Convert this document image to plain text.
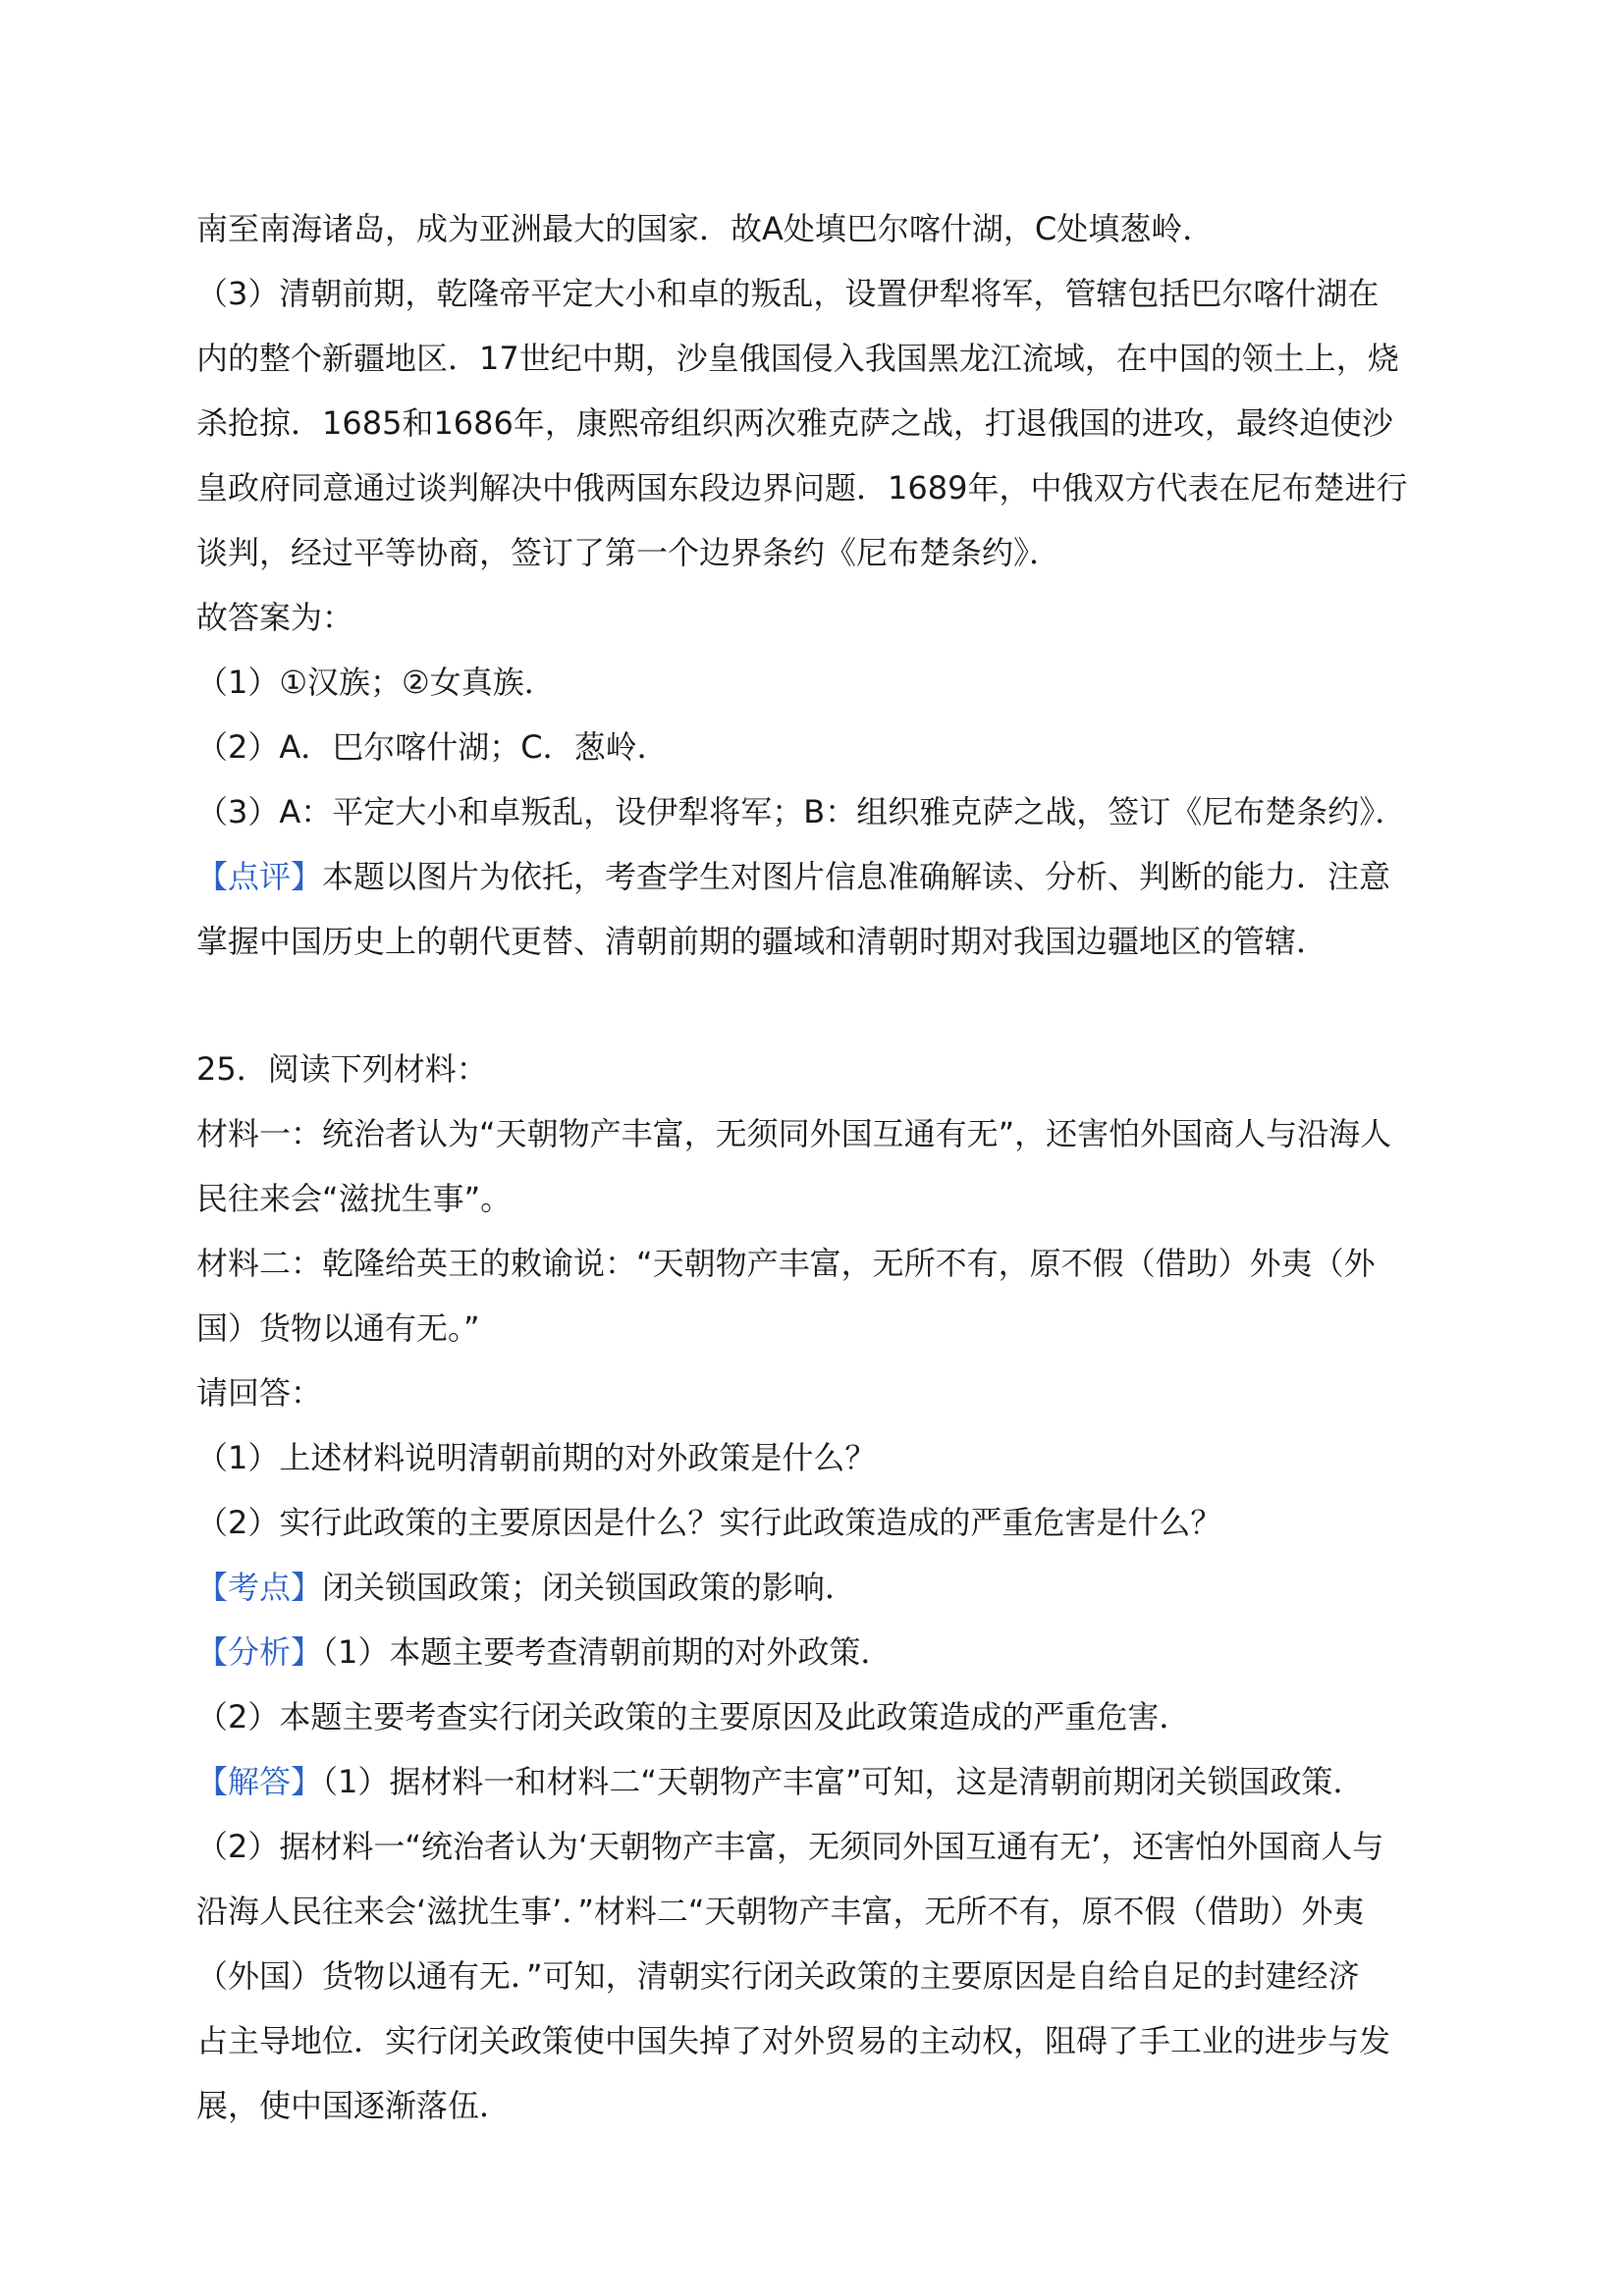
南至南海诸岛，成为亚洲最大的国家．故A处填巴尔喀什湖，C处填葱岭．
（3）清朝前期，乾隆帝平定大小和卓的叛乱，设置伊犁将军，管辖包括巴尔喀什湖在
内的整个新疆地区．17世纪中期，沙皇俄国侵入我国黑龙江流域，在中国的领土上，烧
杀抢掠．1685和1686年，康熙帝组织两次雅克萨之战，打退俄国的进攻，最终迫使沙
皇政府同意通过谈判解决中俄两国东段边界问题．1689年，中俄双方代表在尼布楚进行
谈判，经过平等协商，签订了第一个边界条约《尼布楚条约》．
故答案为：
（1）①汉族；②女真族．
（2）A．巴尔喀什湖；C．葱岭．
（3）A：平定大小和卓叛乱，设伊犁将军；B：组织雅克萨之战，签订《尼布楚条约》．
【点评】本题以图片为依托，考查学生对图片信息准确解读、分析、判断的能力．注意
掌握中国历史上的朝代更替、清朝前期的疆域和清朝时期对我国边疆地区的管辖．
25．阅读下列材料：
材料一：统治者认为“天朝物产丰富，无须同外国互通有无”，还害怕外国商人与沿海人
民往来会“滋扰生事”。
材料二：乾隆给英王的敕谕说：“天朝物产丰富，无所不有，原不假（借助）外夷（外
国）货物以通有无。”
请回答：
（1）上述材料说明清朝前期的对外政策是什么？
（2）实行此政策的主要原因是什么？实行此政策造成的严重危害是什么？
【考点】闭关锁国政策；闭关锁国政策的影响．
【分析】（1）本题主要考查清朝前期的对外政策．
（2）本题主要考查实行闭关政策的主要原因及此政策造成的严重危害．
【解答】（1）据材料一和材料二“天朝物产丰富”可知，这是清朝前期闭关锁国政策．
（2）据材料一“统治者认为‘天朝物产丰富，无须同外国互通有无’，还害怕外国商人与
沿海人民往来会‘滋扰生事’．”材料二“天朝物产丰富，无所不有，原不假（借助）外夷
（外国）货物以通有无．”可知，清朝实行闭关政策的主要原因是自给自足的封建经济
占主导地位．实行闭关政策使中国失掉了对外贸易的主动权，阻碍了手工业的进步与发
展，使中国逐渐落伍．
